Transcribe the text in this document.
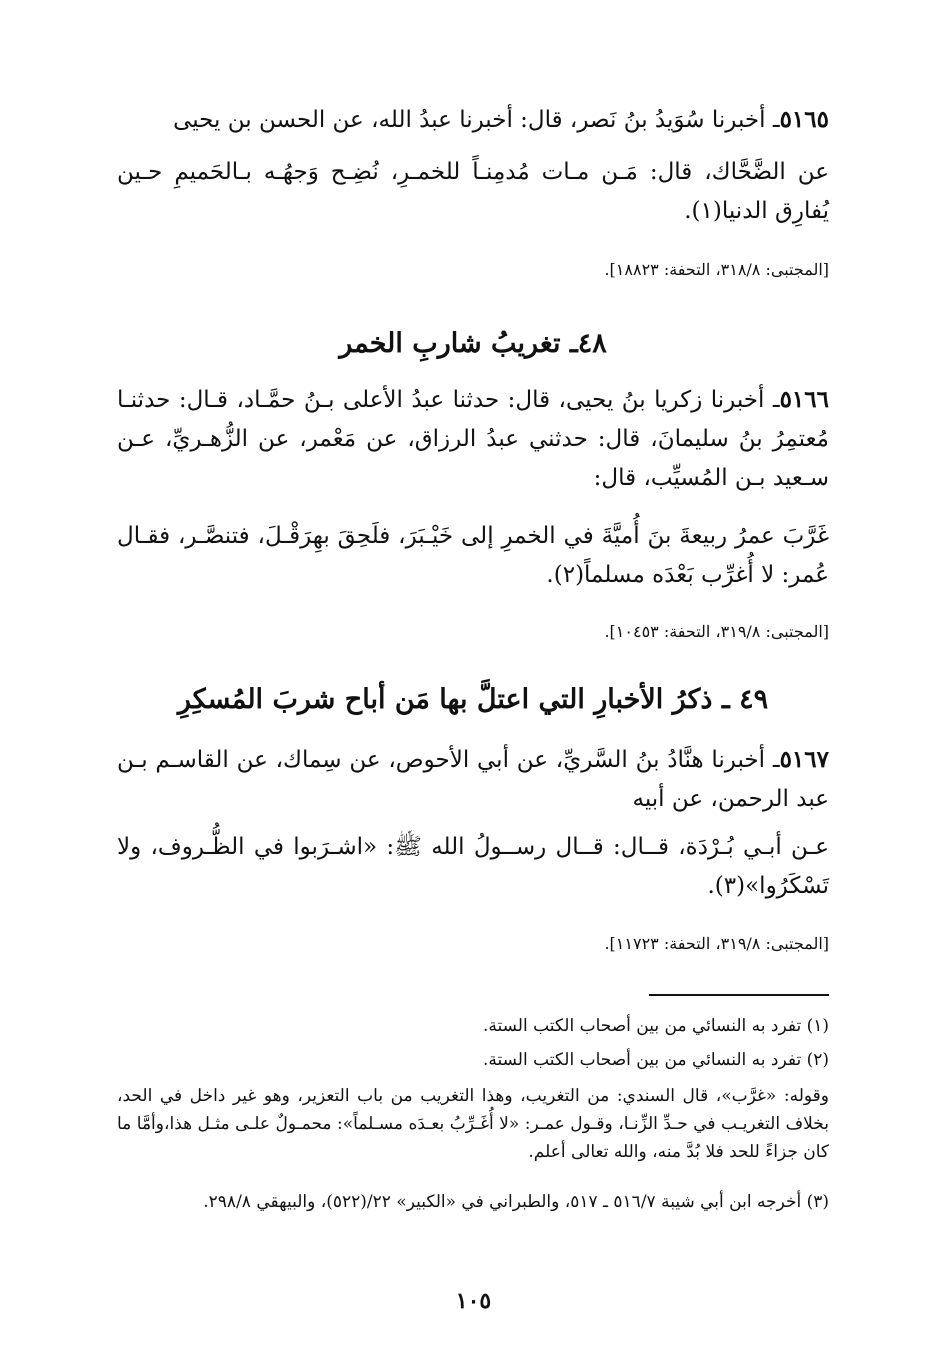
٥١٦٥ـ أخبرنا سُوَيدُ بنُ نَصر، قال: أخبرنا عبدُ الله، عن الحسن بن يحيى
عن الضَّحَّاك، قال: مَـن مـات مُدمِنـاً للخمـرِ، نُضِـح وَجهُـه بـالحَميمِ حـين يُفارِق الدنيا(١).
[المجتبى: ٣١٨/٨، التحفة: ١٨٨٢٣].
٤٨ـ تغريبُ شاربِ الخمر
٥١٦٦ـ أخبرنا زكريا بنُ يحيى، قال: حدثنا عبدُ الأعلى بـنُ حمَّـاد، قـال: حدثنـا مُعتمِرُ بنُ سليمانَ، قال: حدثني عبدُ الرزاق، عن مَعْمر، عن الزُّهـريِّ، عـن سـعيد بـن المُسيِّب، قال:
غَرَّبَ عمرُ ربيعةَ بنَ أُميَّةَ في الخمرِ إلى خَيْـبَرَ، فلَحِقَ بهِرَقْـلَ، فتنصَّـر، فقـال عُمر: لا أُغرِّب بَعْدَه مسلماً(٢).
[المجتبى: ٣١٩/٨، التحفة: ١٠٤٥٣].
٤٩ ـ ذكرُ الأخبارِ التي اعتلَّ بها مَن أباح شربَ المُسكِرِ
٥١٦٧ـ أخبرنا هنَّادُ بنُ السَّريِّ، عن أبي الأحوص، عن سِماك، عن القاسـم بـن عبد الرحمن، عن أبيه
عـن أبـي بُـرْدَة، قــال: قــال رســولُ الله ﷺ: «اشـرَبوا في الظُّـروف، ولا تَسْكَرُوا»(٣).
[المجتبى: ٣١٩/٨، التحفة: ١١٧٢٣].
(١) تفرد به النسائي من بين أصحاب الكتب الستة.
(٢) تفرد به النسائي من بين أصحاب الكتب الستة.
وقوله: «غرَّب»، قال السندي: من التغريب، وهذا التغريب من باب التعزير، وهو غير داخل في الحد، بخلاف التغريـب في حـدِّ الزِّنـا، وقـول عمـر: «لا أُغَـرِّبُ بعـدَه مسـلماً»: محمـولٌ علـى مثـل هذا،وأمَّا ما كان جزاءً للحد فلا بُدَّ منه، والله تعالى أعلم.
(٣) أخرجه ابن أبي شيبة ٥١٦/٧ ـ ٥١٧، والطبراني في «الكبير» ٢٢/(٥٢٢)، والبيهقي ٢٩٨/٨.
١٠٥
